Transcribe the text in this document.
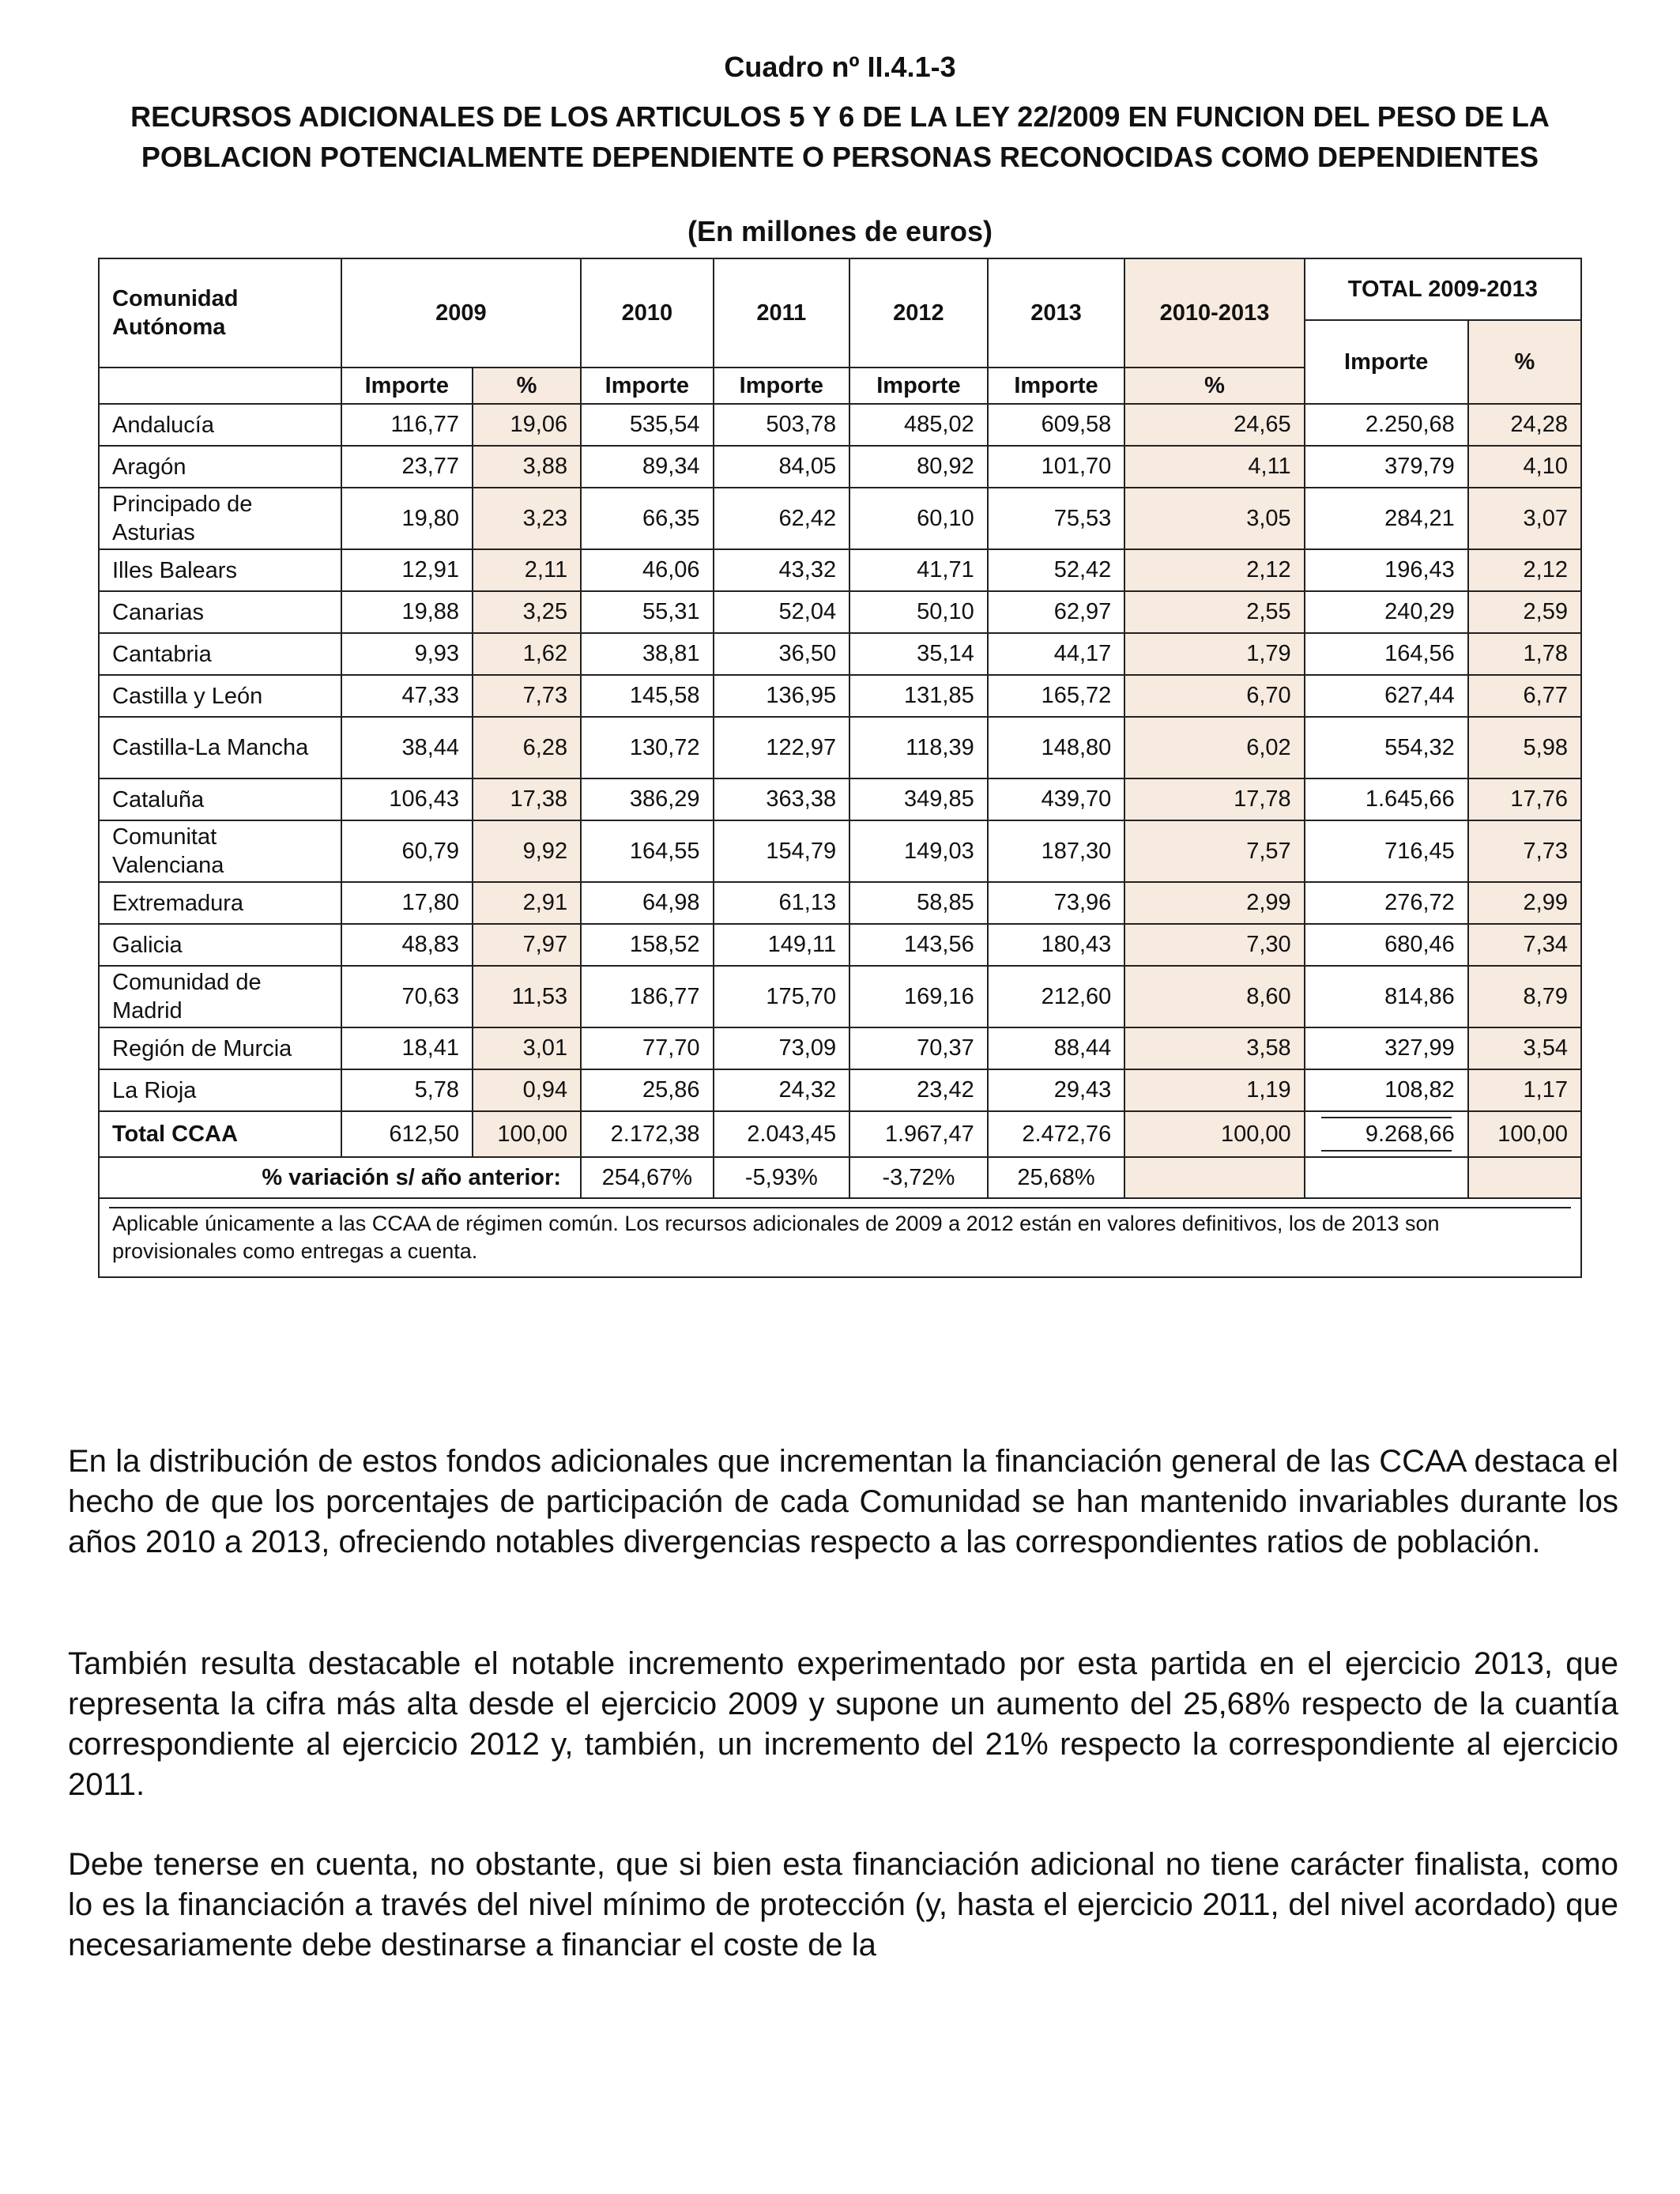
Cuadro nº II.4.1-3
RECURSOS ADICIONALES DE LOS ARTICULOS 5 Y 6 DE LA LEY 22/2009 EN FUNCION DEL PESO DE LA POBLACION POTENCIALMENTE DEPENDIENTE O PERSONAS RECONOCIDAS COMO DEPENDIENTES
(En millones de euros)
Comunidad Autónoma	2009		2010	2011	2012	2013	2010-2013	TOTAL 2009-2013	
								Importe	%
	Importe	%	Importe	Importe	Importe	Importe	%		
Andalucía	116,77	19,06	535,54	503,78	485,02	609,58	24,65	2.250,68	24,28
Aragón	23,77	3,88	89,34	84,05	80,92	101,70	4,11	379,79	4,10
Principado de Asturias	19,80	3,23	66,35	62,42	60,10	75,53	3,05	284,21	3,07
Illes Balears	12,91	2,11	46,06	43,32	41,71	52,42	2,12	196,43	2,12
Canarias	19,88	3,25	55,31	52,04	50,10	62,97	2,55	240,29	2,59
Cantabria	9,93	1,62	38,81	36,50	35,14	44,17	1,79	164,56	1,78
Castilla y León	47,33	7,73	145,58	136,95	131,85	165,72	6,70	627,44	6,77
Castilla-La Mancha	38,44	6,28	130,72	122,97	118,39	148,80	6,02	554,32	5,98
Cataluña	106,43	17,38	386,29	363,38	349,85	439,70	17,78	1.645,66	17,76
Comunitat Valenciana	60,79	9,92	164,55	154,79	149,03	187,30	7,57	716,45	7,73
Extremadura	17,80	2,91	64,98	61,13	58,85	73,96	2,99	276,72	2,99
Galicia	48,83	7,97	158,52	149,11	143,56	180,43	7,30	680,46	7,34
Comunidad de Madrid	70,63	11,53	186,77	175,70	169,16	212,60	8,60	814,86	8,79
Región de Murcia	18,41	3,01	77,70	73,09	70,37	88,44	3,58	327,99	3,54
La Rioja	5,78	0,94	25,86	24,32	23,42	29,43	1,19	108,82	1,17
Total CCAA	612,50	100,00	2.172,38	2.043,45	1.967,47	2.472,76	100,00	9.268,66	100,00
% variación s/ año anterior:			254,67%	-5,93%	-3,72%	25,68%			

Aplicable únicamente a las CCAA de régimen común. Los recursos adicionales de 2009 a 2012 están en valores definitivos, los de 2013 son provisionales como entregas a cuenta.									
En la distribución de estos fondos adicionales que incrementan la financiación general de las CCAA destaca el hecho de que los porcentajes de participación de cada Comunidad se han mantenido invariables durante los años 2010 a 2013, ofreciendo notables divergencias respecto a las correspondientes ratios de población.
También resulta destacable el notable incremento experimentado por esta partida en el ejercicio 2013, que representa la cifra más alta desde el ejercicio 2009 y supone un aumento del 25,68% respecto de la cuantía correspondiente al ejercicio 2012 y, también, un incremento del 21% respecto la correspondiente al ejercicio 2011.
Debe tenerse en cuenta, no obstante, que si bien esta financiación adicional no tiene carácter finalista, como lo es la financiación a través del nivel mínimo de protección (y, hasta el ejercicio 2011, del nivel acordado) que necesariamente debe destinarse a financiar el coste de la
